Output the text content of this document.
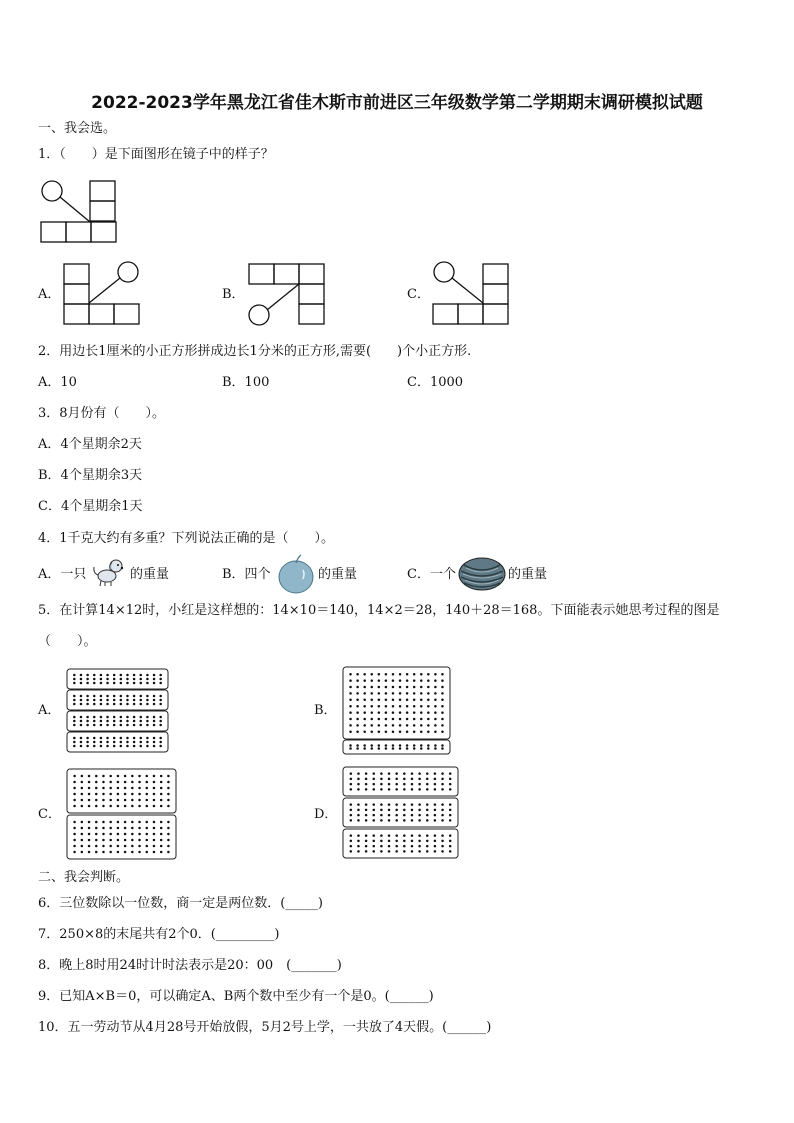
2022-2023学年黑龙江省佳木斯市前进区三年级数学第二学期期末调研模拟试题
一、我会选。
1．（　　）是下面图形在镜子中的样子？
A．	B．	C．
2．用边长1厘米的小正方形拼成边长1分米的正方形,需要(　　)个小正方形.
A．10	B．100	C．1000
3．8月份有（　　）。
A．4个星期余2天
B．4个星期余3天
C．4个星期余1天
4．1千克大约有多重？下列说法正确的是（　　）。
A．一只	的重量	B．四个	的重量	C．一个	的重量
5．在计算14×12时，小红是这样想的：14×10＝140，14×2＝28，140＋28＝168。下面能表示她思考过程的图是
（　　）。
A．	B．
C．	D．
二、我会判断。
6．三位数除以一位数，商一定是两位数．(_____)
7．250×8的末尾共有2个0．(_________)
8．晚上8时用24时计时法表示是20：00　(_______)
9．已知A×B＝0，可以确定A、B两个数中至少有一个是0。(______)
10．五一劳动节从4月28号开始放假，5月2号上学，一共放了4天假。(______)
